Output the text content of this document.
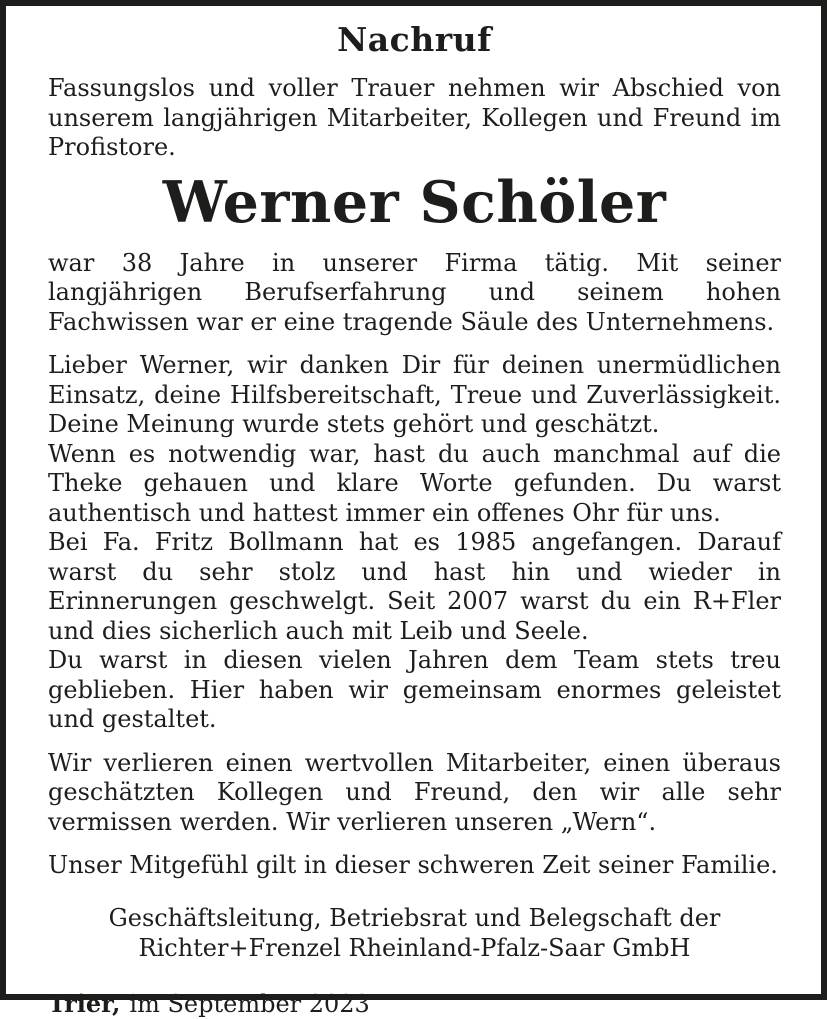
Nachruf

Fassungslos und voller Trauer nehmen wir Abschied von unserem langjährigen Mitarbeiter, Kollegen und Freund im Profistore.

Werner Schöler

war 38 Jahre in unserer Firma tätig. Mit seiner langjährigen Berufserfahrung und seinem hohen Fachwissen war er eine tragende Säule des Unternehmens.

Lieber Werner, wir danken Dir für deinen unermüdlichen Einsatz, deine Hilfsbereitschaft, Treue und Zuverlässigkeit. Deine Meinung wurde stets gehört und geschätzt.

Wenn es notwendig war, hast du auch manchmal auf die Theke gehauen und klare Worte gefunden. Du warst authentisch und hattest immer ein offenes Ohr für uns.

Bei Fa. Fritz Bollmann hat es 1985 angefangen. Darauf warst du sehr stolz und hast hin und wieder in Erinnerungen geschwelgt. Seit 2007 warst du ein R+Fler und dies sicherlich auch mit Leib und Seele.

Du warst in diesen vielen Jahren dem Team stets treu geblieben. Hier haben wir gemeinsam enormes geleistet und gestaltet.

Wir verlieren einen wertvollen Mitarbeiter, einen überaus geschätzten Kollegen und Freund, den wir alle sehr vermissen werden. Wir verlieren unseren „Wern“.

Unser Mitgefühl gilt in dieser schweren Zeit seiner Familie.

Geschäftsleitung, Betriebsrat und Belegschaft der
Richter+Frenzel Rheinland-Pfalz-Saar GmbH
Trier, im September 2023
